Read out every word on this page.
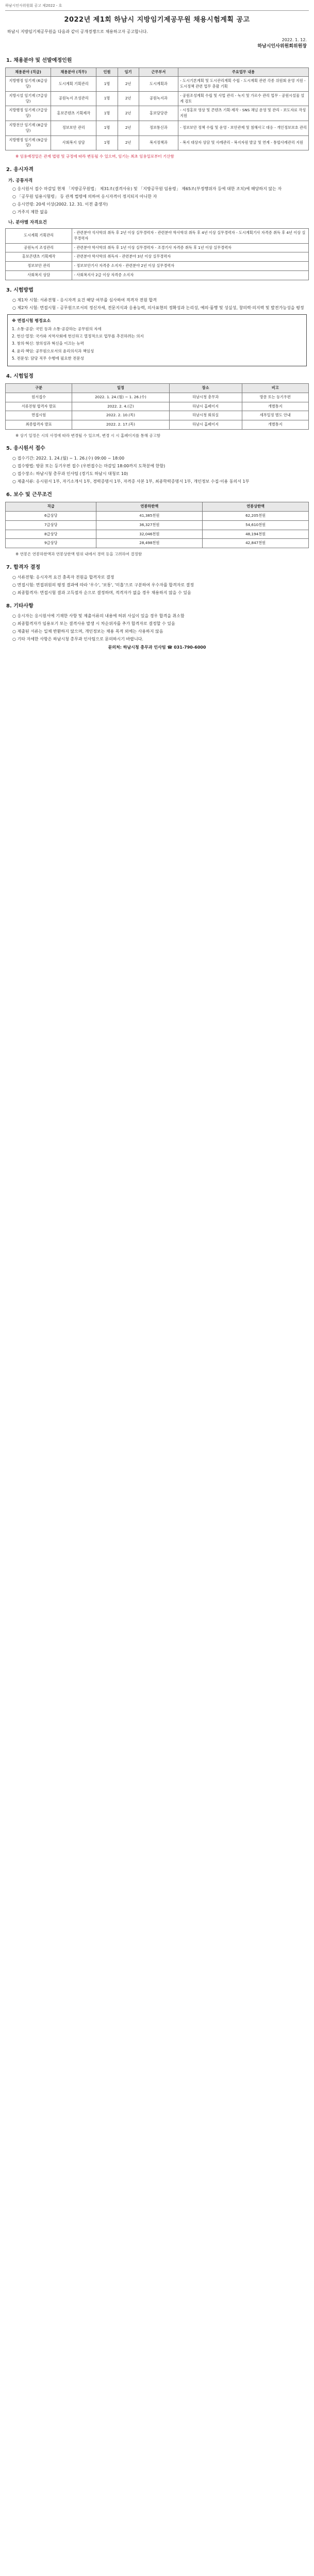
하남시인사위원회 공고 제2022 - 호
2022년 제1회 하남시 지방임기제공무원 채용시험계획 공고
하남시 지방임기제공무원을 다음과 같이 공개경쟁으로 채용하고자 공고합니다.
2022. 1. 12.
하남시인사위원회위원장
1. 채용분야 및 선발예정인원
채용분야 (직급)	채용분야 (직무)	인원	임기	근무부서	주요업무 내용
지방행정 임기제 (6급상당)	도시계획 기획관리	1명	2년	도시계획과	- 도시기본계획 및 도시관리계획 수립 - 도시계획 관련 각종 위원회 운영 지원 - 도시정책 관련 업무 총괄 기획
지방시설 임기제 (7급상당)	공원녹지 조성관리	1명	2년	공원녹지과	- 공원조성계획 수립 및 사업 관리 - 녹지 및 가로수 관리 업무 - 공원시설물 설계 검토
지방행정 임기제 (7급상당)	홍보콘텐츠 기획제작	1명	2년	홍보담당관	- 시정홍보 영상 및 콘텐츠 기획·제작 - SNS 채널 운영 및 관리 - 보도자료 작성 지원
지방전산 임기제 (8급상당)	정보보안 관리	1명	2년	정보통신과	- 정보보안 정책 수립 및 운영 - 보안관제 및 침해사고 대응 - 개인정보보호 관리
지방행정 임기제 (9급상당)	사회복지 상담	1명	2년	복지정책과	- 복지 대상자 상담 및 사례관리 - 복지자원 발굴 및 연계 - 통합사례관리 지원
※ 임용예정일은 관계 법령 및 규정에 따라 변동될 수 있으며, 임기는 최초 임용일로부터 기산함
2. 응시자격
가. 공통자격
○ 응시원서 접수 마감일 현재 「지방공무원법」 제31조(결격사유) 및 「지방공무원 임용령」 제65조(부정행위자 등에 대한 조치)에 해당하지 않는 자
○ 「공무원 임용시험령」 등 관계 법령에 의하여 응시자격이 정지되지 아니한 자
○ 응시연령: 20세 이상(2002. 12. 31. 이전 출생자)
○ 거주지 제한 없음
나. 분야별 자격요건
도시계획 기획관리	- 관련분야 석사학위 취득 후 2년 이상 실무경력자 - 관련분야 학사학위 취득 후 4년 이상 실무경력자 - 도시계획기사 자격증 취득 후 4년 이상 실무경력자
공원녹지 조성관리	- 관련분야 학사학위 취득 후 1년 이상 실무경력자 - 조경기사 자격증 취득 후 1년 이상 실무경력자
홍보콘텐츠 기획제작	- 관련분야 학사학위 취득자 - 관련분야 3년 이상 실무경력자
정보보안 관리	- 정보보안기사 자격증 소지자 - 관련분야 2년 이상 실무경력자
사회복지 상담	- 사회복지사 2급 이상 자격증 소지자
3. 시험방법
○ 제1차 시험: 서류전형 - 응시자격 요건 해당 여부를 심사하여 적격자 전원 합격
○ 제2차 시험: 면접시험 - 공무원으로서의 정신자세, 전문지식과 응용능력, 의사표현의 정확성과 논리성, 예의·품행 및 성실성, 창의력·의지력 및 발전가능성을 평정
※ 면접시험 평정요소
1. 소통·공감: 국민 등과 소통·공감하는 공무원의 자세
2. 헌신·열정: 국가와 지역사회에 헌신하고 열정적으로 업무를 추진하려는 의지
3. 창의·혁신: 창의성과 혁신을 이끄는 능력
4. 윤리·책임: 공무원으로서의 윤리의식과 책임성
5. 전문성: 담당 직무 수행에 필요한 전문성
4. 시험일정
구분	일정	장소	비고
원서접수	2022. 1. 24.(월) ~ 1. 26.(수)	하남시청 총무과	방문 또는 등기우편
서류전형 합격자 발표	2022. 2. 4.(금)	하남시 홈페이지	개별통지
면접시험	2022. 2. 10.(목)	하남시청 회의실	세부일정 별도 안내
최종합격자 발표	2022. 2. 17.(목)	하남시 홈페이지	개별통지
※ 상기 일정은 시의 사정에 따라 변경될 수 있으며, 변경 시 시 홈페이지를 통해 공고함
5. 응시원서 접수
○ 접수기간: 2022. 1. 24.(월) ~ 1. 26.(수) 09:00 ~ 18:00
○ 접수방법: 방문 또는 등기우편 접수 (우편접수는 마감일 18:00까지 도착분에 한함)
○ 접수장소: 하남시청 총무과 인사팀 (경기도 하남시 대청로 10)
○ 제출서류: 응시원서 1부, 자기소개서 1부, 경력증명서 1부, 자격증 사본 1부, 최종학력증명서 1부, 개인정보 수집·이용 동의서 1부
6. 보수 및 근무조건
직급	연봉하한액	연봉상한액
6급상당	41,385천원	62,205천원
7급상당	36,327천원	54,610천원
8급상당	32,046천원	48,194천원
9급상당	28,498천원	42,847천원
※ 연봉은 연봉하한액과 연봉상한액 범위 내에서 경력 등을 고려하여 결정함
7. 합격자 결정
○ 서류전형: 응시자격 요건 충족자 전원을 합격자로 결정
○ 면접시험: 면접위원의 평정 결과에 따라 '우수', '보통', '미흡'으로 구분하여 우수자를 합격자로 결정
○ 최종합격자: 면접시험 결과 고득점자 순으로 결정하며, 적격자가 없을 경우 채용하지 않을 수 있음
8. 기타사항
○ 응시자는 응시원서에 기재한 사항 및 제출서류의 내용에 허위 사실이 있을 경우 합격을 취소함
○ 최종합격자가 임용포기 또는 결격사유 발생 시 차순위자를 추가 합격자로 결정할 수 있음
○ 제출된 서류는 일체 반환하지 않으며, 개인정보는 채용 목적 외에는 사용하지 않음
○ 기타 자세한 사항은 하남시청 총무과 인사팀으로 문의하시기 바랍니다.
문의처: 하남시청 총무과 인사팀 ☎ 031-790-6000
